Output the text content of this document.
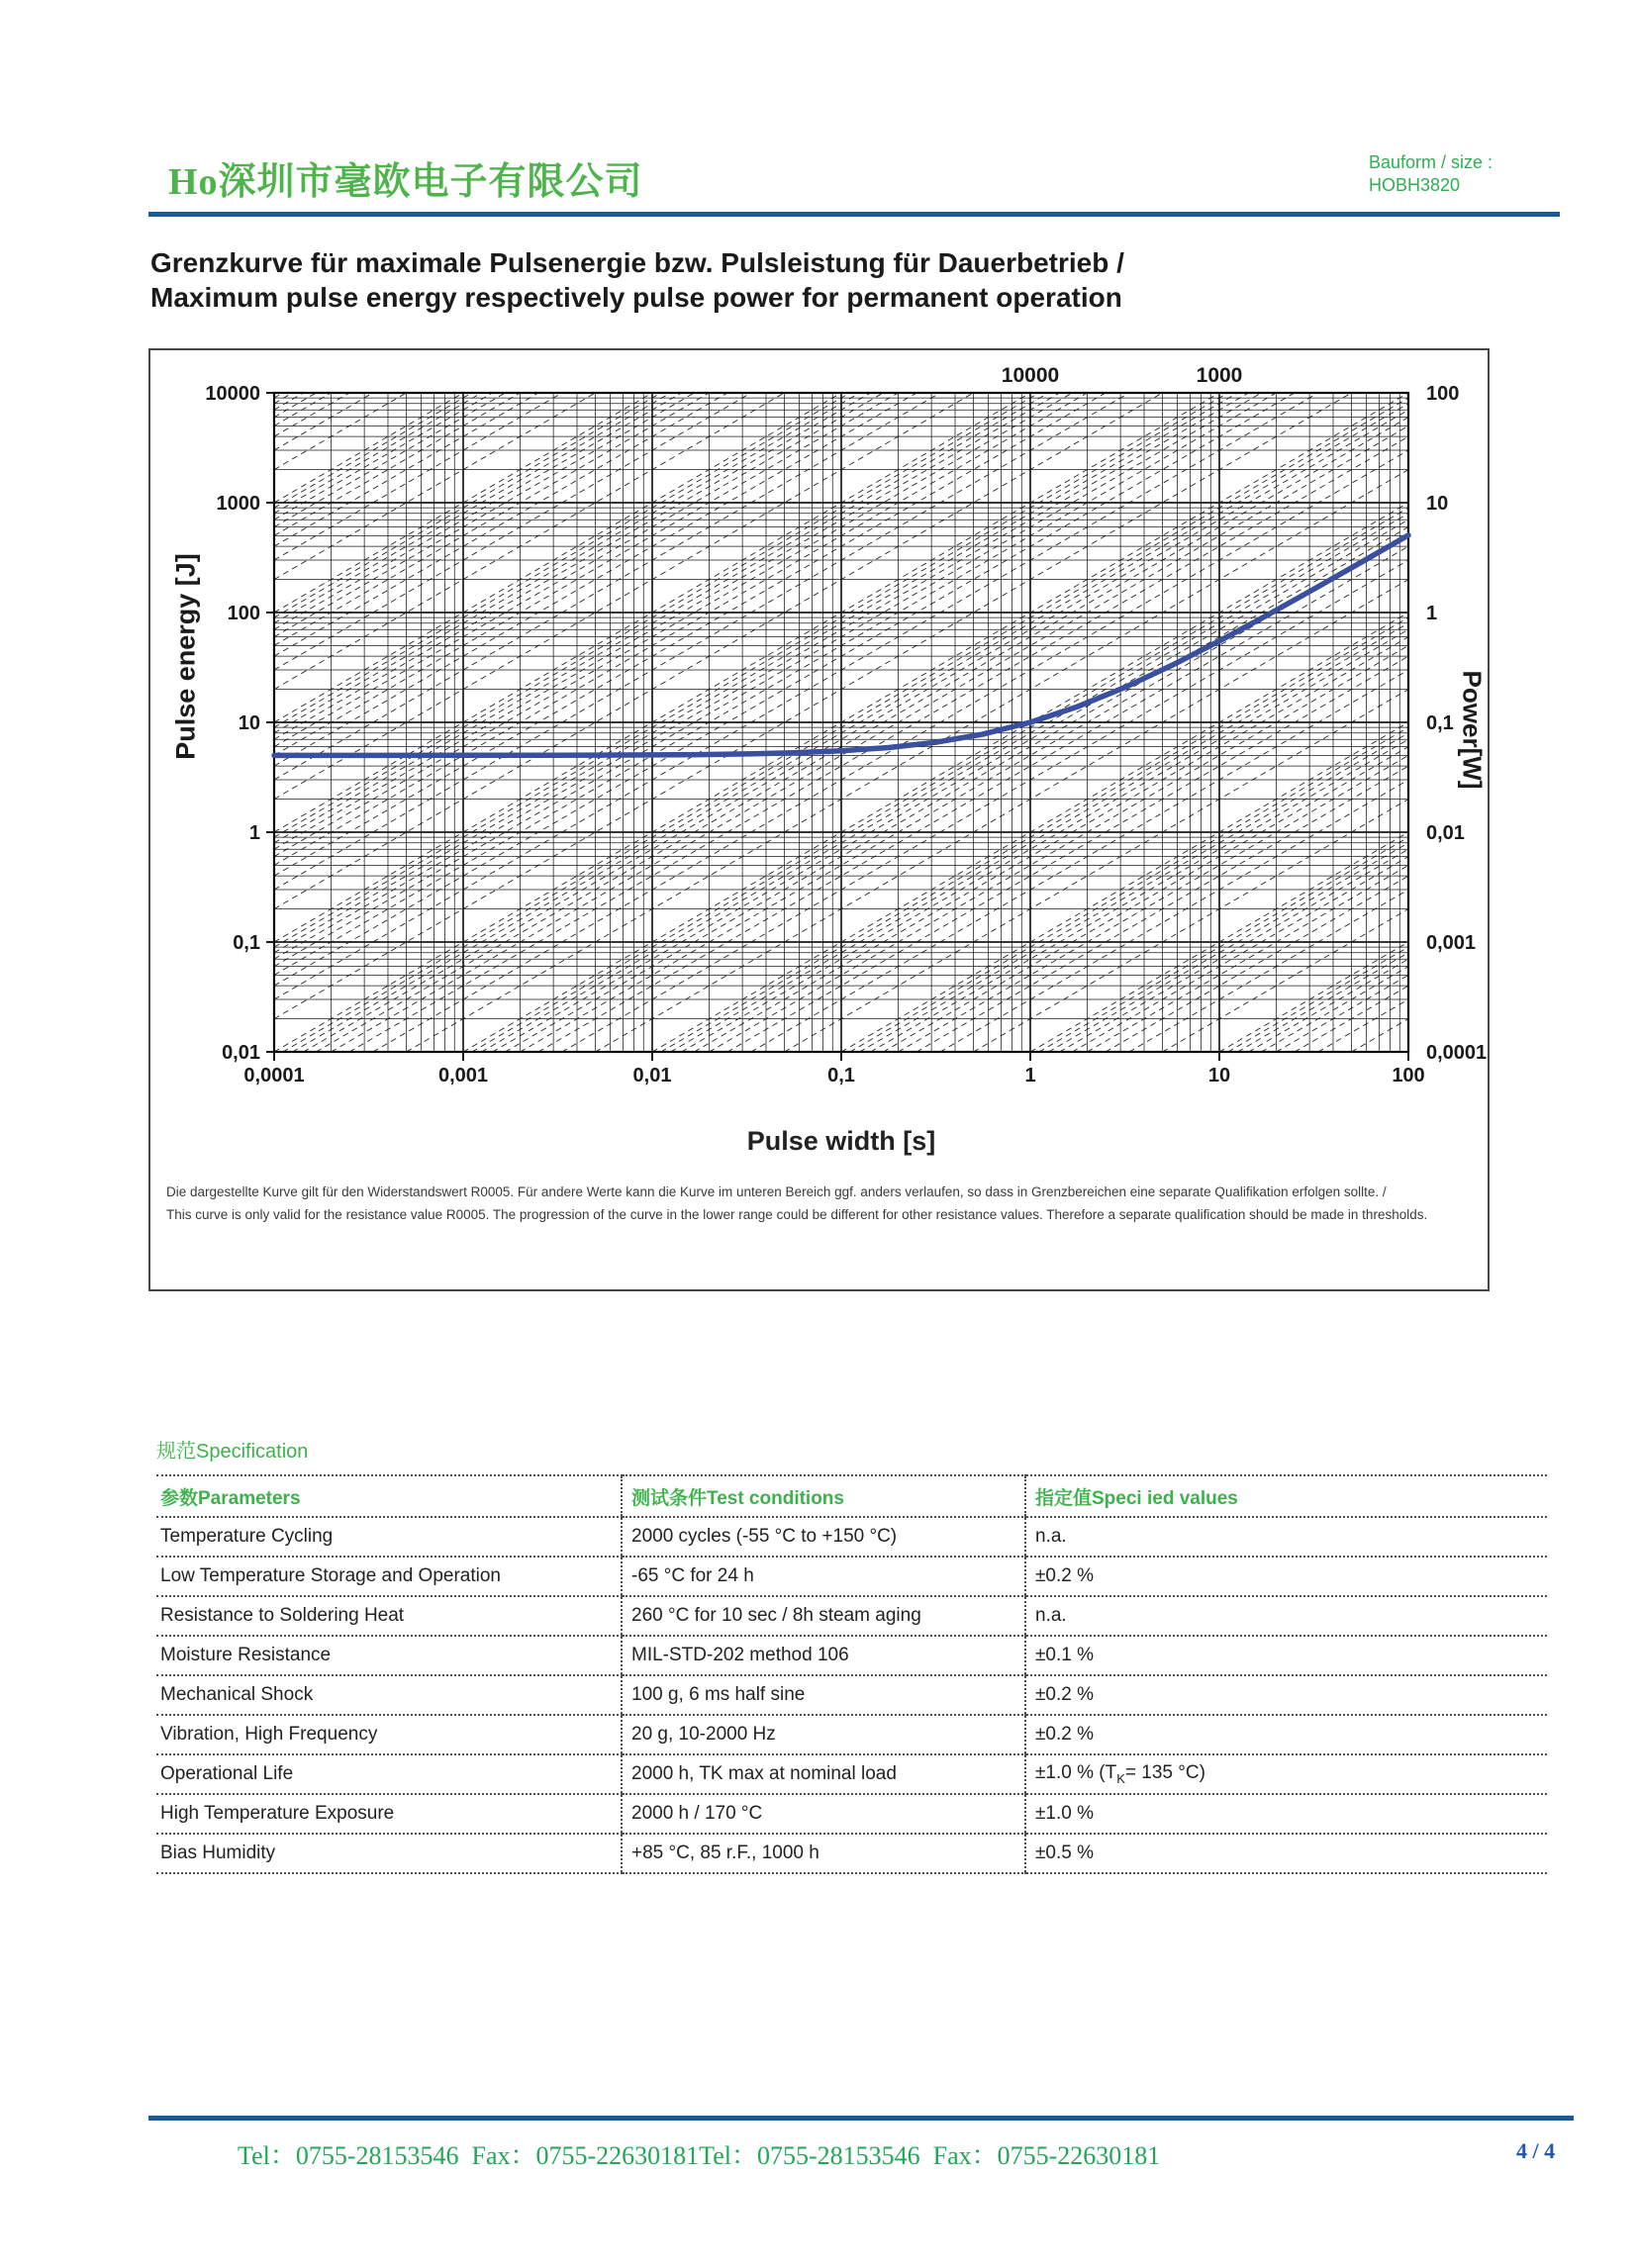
Ho深圳市毫欧电子有限公司	Bauform / size :
HOBH3820
Grenzkurve für maximale Pulsenergie bzw. Pulsleistung für Dauerbetrieb /
Maximum pulse energy respectively pulse power for permanent operation
0,0001	0,001	0,01	0,1	1	10	100
10000
1000
100
10
1
0,1
0,01
100
10
1
0,1
0,01
0,001
0,0001
10000	1000
Pulse energy [J]	Power[W]
Pulse width [s]
Die dargestellte Kurve gilt für den Widerstandswert R0005. Für andere Werte kann die Kurve im unteren Bereich ggf. anders verlaufen, so dass in Grenzbereichen eine separate Qualifikation erfolgen sollte. /
This curve is only valid for the resistance value R0005. The progression of the curve in the lower range could be different for other resistance values. Therefore a separate qualification should be made in thresholds.
规范Specification
参数Parameters	测试条件Test conditions	指定值Speci ied values
Temperature Cycling	2000 cycles (-55 °C to +150 °C)	n.a.
Low Temperature Storage and Operation	-65 °C for 24 h	±0.2 %
Resistance to Soldering Heat	260 °C for 10 sec / 8h steam aging	n.a.
Moisture Resistance	MIL-STD-202 method 106	±0.1 %
Mechanical Shock	100 g, 6 ms half sine	±0.2 %
Vibration, High Frequency	20 g, 10-2000 Hz	±0.2 %
Operational Life	2000 h, TK max at nominal load	±1.0 % ($T_K= 135$ °C)
High Temperature Exposure	2000 h / 170 °C	±1.0 %
Bias Humidity	+85 °C, 85 r.F., 1000 h	±0.5 %
Tel：0755-28153546  Fax：0755-22630181Tel：0755-28153546  Fax：0755-22630181	4 / 4
